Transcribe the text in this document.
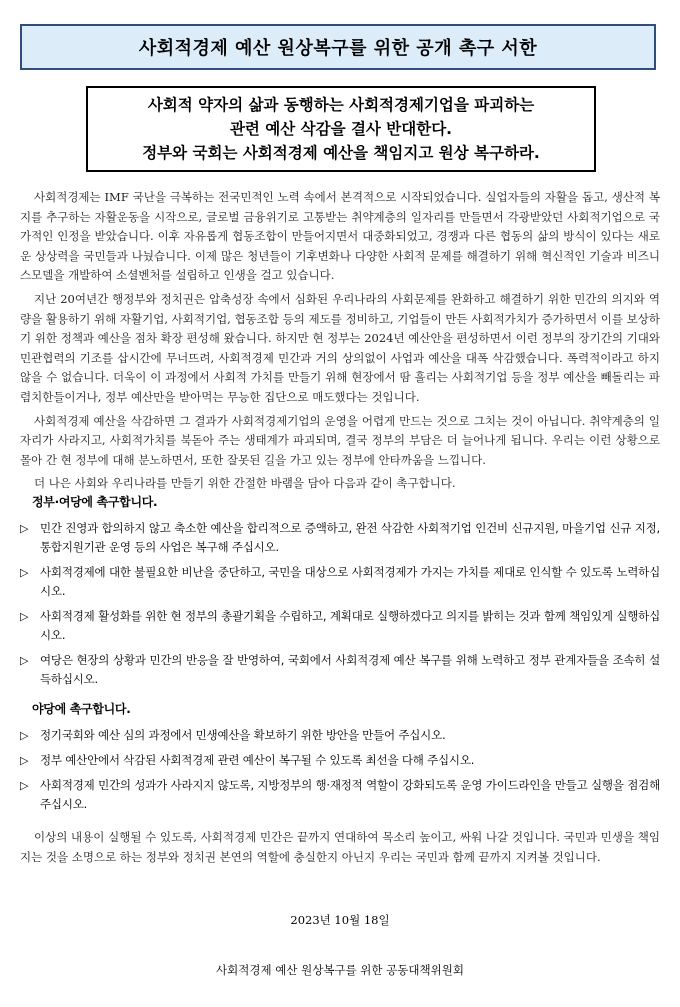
사회적경제 예산 원상복구를 위한 공개 촉구 서한
사회적 약자의 삶과 동행하는 사회적경제기업을 파괴하는
관련 예산 삭감을 결사 반대한다.
정부와 국회는 사회적경제 예산을 책임지고 원상 복구하라.

사회적경제는 IMF 국난을 극복하는 전국민적인 노력 속에서 본격적으로 시작되었습니다. 실업자들의 자활을 돕고, 생산적 복지를 추구하는 자활운동을 시작으로, 글로벌 금융위기로 고통받는 취약계층의 일자리를 만들면서 각광받았던 사회적기업으로 국가적인 인정을 받았습니다. 이후 자유롭게 협동조합이 만들어지면서 대중화되었고, 경쟁과 다른 협동의 삶의 방식이 있다는 새로운 상상력을 국민들과 나눴습니다. 이제 많은 청년들이 기후변화나 다양한 사회적 문제를 해결하기 위해 혁신적인 기술과 비즈니스모델을 개발하여 소셜벤처를 설립하고 인생을 걸고 있습니다.

지난 20여년간 행정부와 정치권은 압축성장 속에서 심화된 우리나라의 사회문제를 완화하고 해결하기 위한 민간의 의지와 역량을 활용하기 위해 자활기업, 사회적기업, 협동조합 등의 제도를 정비하고, 기업들이 만든 사회적가치가 증가하면서 이를 보상하기 위한 정책과 예산을 점차 확장 편성해 왔습니다. 하지만 현 정부는 2024년 예산안을 편성하면서 이런 정부의 장기간의 기대와 민관협력의 기조를 삽시간에 무너뜨려, 사회적경제 민간과 거의 상의없이 사업과 예산을 대폭 삭감했습니다. 폭력적이라고 하지 않을 수 없습니다. 더욱이 이 과정에서 사회적 가치를 만들기 위해 현장에서 땀 흘리는 사회적기업 등을 정부 예산을 빼돌리는 파렴치한들이거나, 정부 예산만을 받아먹는 무능한 집단으로 매도했다는 것입니다.

사회적경제 예산을 삭감하면 그 결과가 사회적경제기업의 운영을 어렵게 만드는 것으로 그치는 것이 아닙니다. 취약계층의 일자리가 사라지고, 사회적가치를 북돋아 주는 생태계가 파괴되며, 결국 정부의 부담은 더 늘어나게 됩니다. 우리는 이런 상황으로 몰아 간 현 정부에 대해 분노하면서, 또한 잘못된 길을 가고 있는 정부에 안타까움을 느낍니다.

더 나은 사회와 우리나라를 만들기 위한 간절한 바램을 담아 다음과 같이 촉구합니다.

정부·여당에 촉구합니다.
▷	민간 진영과 합의하지 않고 축소한 예산을 합리적으로 증액하고, 완전 삭감한 사회적기업 인건비 신규지원, 마을기업 신규 지정, 통합지원기관 운영 등의 사업은 복구해 주십시오.
▷	사회적경제에 대한 불필요한 비난을 중단하고, 국민을 대상으로 사회적경제가 가지는 가치를 제대로 인식할 수 있도록 노력하십시오.
▷	사회적경제 활성화를 위한 현 정부의 총괄기획을 수립하고, 계획대로 실행하겠다고 의지를 밝히는 것과 함께 책임있게 실행하십시오.
▷	여당은 현장의 상황과 민간의 반응을 잘 반영하여, 국회에서 사회적경제 예산 복구를 위해 노력하고 정부 관계자들을 조속히 설득하십시오.
야당에 촉구합니다.
▷	정기국회와 예산 심의 과정에서 민생예산을 확보하기 위한 방안을 만들어 주십시오.
▷	정부 예산안에서 삭감된 사회적경제 관련 예산이 복구될 수 있도록 최선을 다해 주십시오.
▷	사회적경제 민간의 성과가 사라지지 않도록, 지방정부의 행·재정적 역할이 강화되도록 운영 가이드라인을 만들고 실행을 점검해 주십시오.

이상의 내용이 실행될 수 있도록, 사회적경제 민간은 끝까지 연대하여 목소리 높이고, 싸워 나갈 것입니다. 국민과 민생을 책임지는 것을 소명으로 하는 정부와 정치권 본연의 역할에 충실한지 아닌지 우리는 국민과 함께 끝까지 지켜볼 것입니다.

2023년 10월 18일
사회적경제 예산 원상복구를 위한 공동대책위원회
